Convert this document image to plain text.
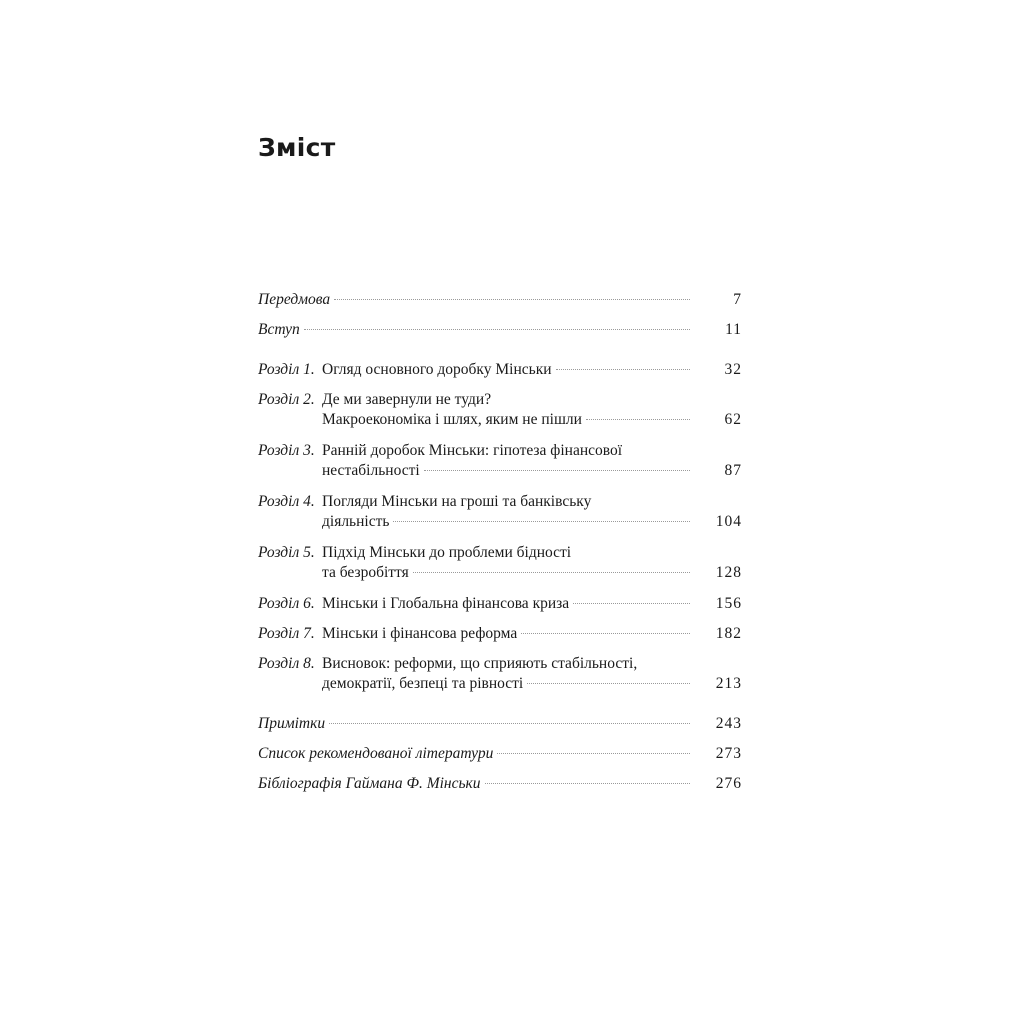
Зміст
Передмова	7
Вступ	11
Розділ 1. Огляд основного доробку Мінськи	32
Розділ 2. Де ми завернули не туди?
Макроекономіка і шлях, яким не пішли	62
Розділ 3. Ранній доробок Мінськи: гіпотеза фінансової
нестабільності	87
Розділ 4. Погляди Мінськи на гроші та банківську
діяльність	104
Розділ 5. Підхід Мінськи до проблеми бідності
та безробіття	128
Розділ 6. Мінськи і Глобальна фінансова криза	156
Розділ 7. Мінськи і фінансова реформа	182
Розділ 8. Висновок: реформи, що сприяють стабільності,
демократії, безпеці та рівності	213
Примітки	243
Список рекомендованої літератури	273
Бібліографія Гаймана Ф. Мінськи	276
